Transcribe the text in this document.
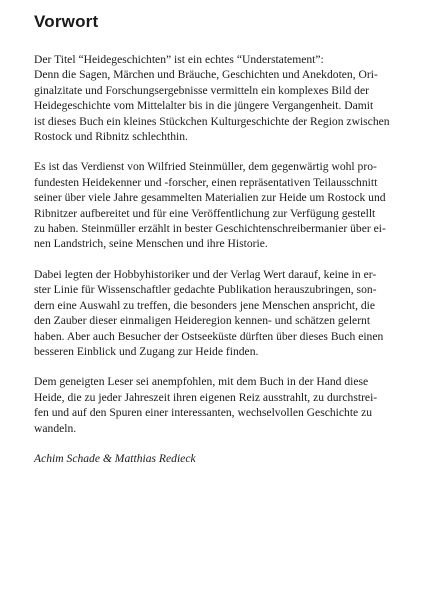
Vorwort

Der Titel “Heidegeschichten” ist ein echtes “Understatement”:
Denn die Sagen, Märchen und Bräuche, Geschichten und Anekdoten, Ori-
ginalzitate und Forschungsergebnisse vermitteln ein komplexes Bild der
Heidegeschichte vom Mittelalter bis in die jüngere Vergangenheit. Damit
ist dieses Buch ein kleines Stückchen Kulturgeschichte der Region zwischen
Rostock und Ribnitz schlechthin.

Es ist das Verdienst von Wilfried Steinmüller, dem gegenwärtig wohl pro-
fundesten Heidekenner und -forscher, einen repräsentativen Teilausschnitt
seiner über viele Jahre gesammelten Materialien zur Heide um Rostock und
Ribnitzer aufbereitet und für eine Veröffentlichung zur Verfügung gestellt
zu haben. Steinmüller erzählt in bester Geschichtenschreibermanier über ei-
nen Landstrich, seine Menschen und ihre Historie.

Dabei legten der Hobbyhistoriker und der Verlag Wert darauf, keine in er-
ster Linie für Wissenschaftler gedachte Publikation herauszubringen, son-
dern eine Auswahl zu treffen, die besonders jene Menschen anspricht, die
den Zauber dieser einmaligen Heideregion kennen- und schätzen gelernt
haben. Aber auch Besucher der Ostseeküste dürften über dieses Buch einen
besseren Einblick und Zugang zur Heide finden.

Dem geneigten Leser sei anempfohlen, mit dem Buch in der Hand diese
Heide, die zu jeder Jahreszeit ihren eigenen Reiz ausstrahlt, zu durchstrei-
fen und auf den Spuren einer interessanten, wechselvollen Geschichte zu
wandeln.

Achim Schade & Matthias Redieck
